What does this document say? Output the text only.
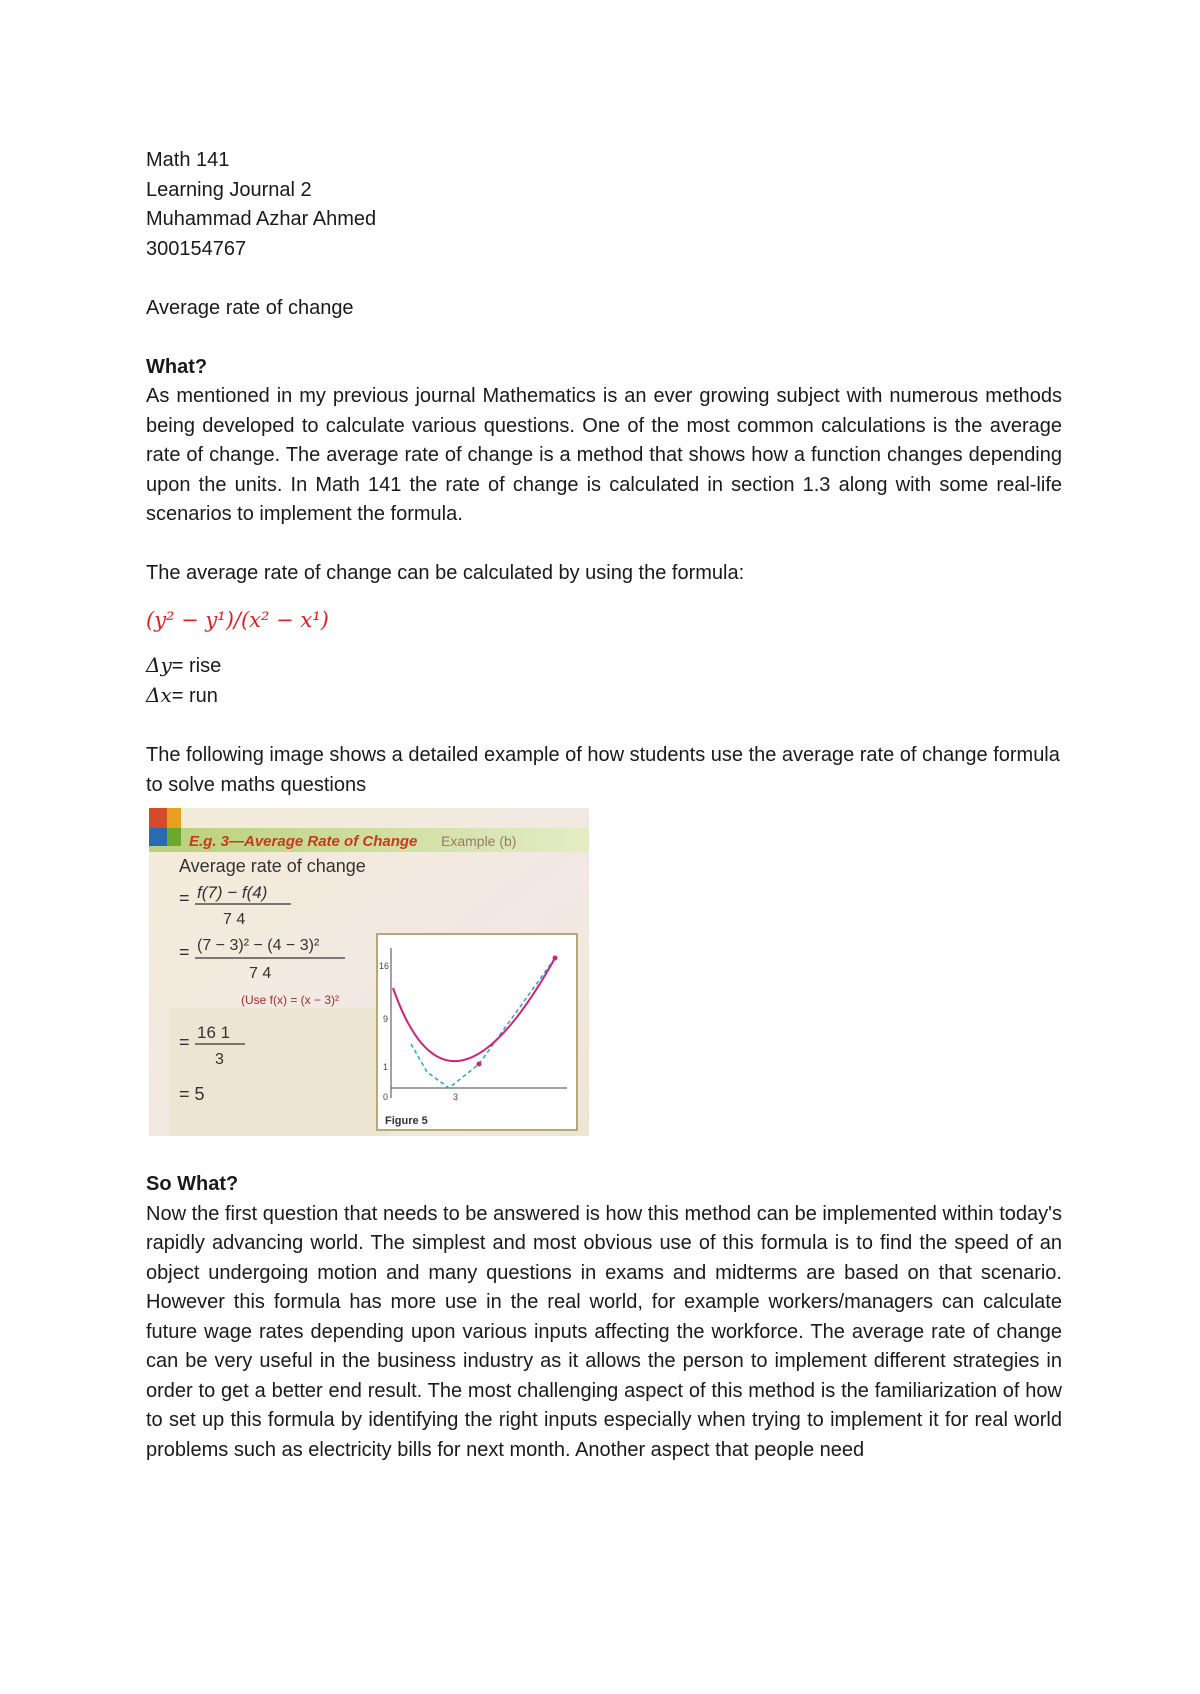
Math 141

Learning Journal 2

Muhammad Azhar Ahmed

300154767

Average rate of change

What?

As mentioned in my previous journal Mathematics is an ever growing subject with numerous methods being developed to calculate various questions. One of the most common calculations is the average rate of change. The average rate of change is a method that shows how a function changes depending upon the units. In Math 141 the rate of change is calculated in section 1.3 along with some real-life scenarios to implement the formula.

The average rate of change can be calculated by using the formula:

(y² − y¹)/(x² − x¹)

Δy= rise

Δx= run

The following image shows a detailed example of how students use the average rate of change formula to solve maths questions

E.g. 3—Average Rate of Change Example (b)
Average rate of change
= f(7) − f(4)
7 4
= (7 − 3)² − (4 − 3)²
7 4
(Use f(x) = (x − 3)²
= 16 1
3
= 5
16
9
1
0	3
Figure 5

So What?

Now the first question that needs to be answered is how this method can be implemented within today's rapidly advancing world. The simplest and most obvious use of this formula is to find the speed of an object undergoing motion and many questions in exams and midterms are based on that scenario. However this formula has more use in the real world, for example workers/managers can calculate future wage rates depending upon various inputs affecting the workforce. The average rate of change can be very useful in the business industry as it allows the person to implement different strategies in order to get a better end result. The most challenging aspect of this method is the familiarization of how to set up this formula by identifying the right inputs especially when trying to implement it for real world problems such as electricity bills for next month. Another aspect that people need
